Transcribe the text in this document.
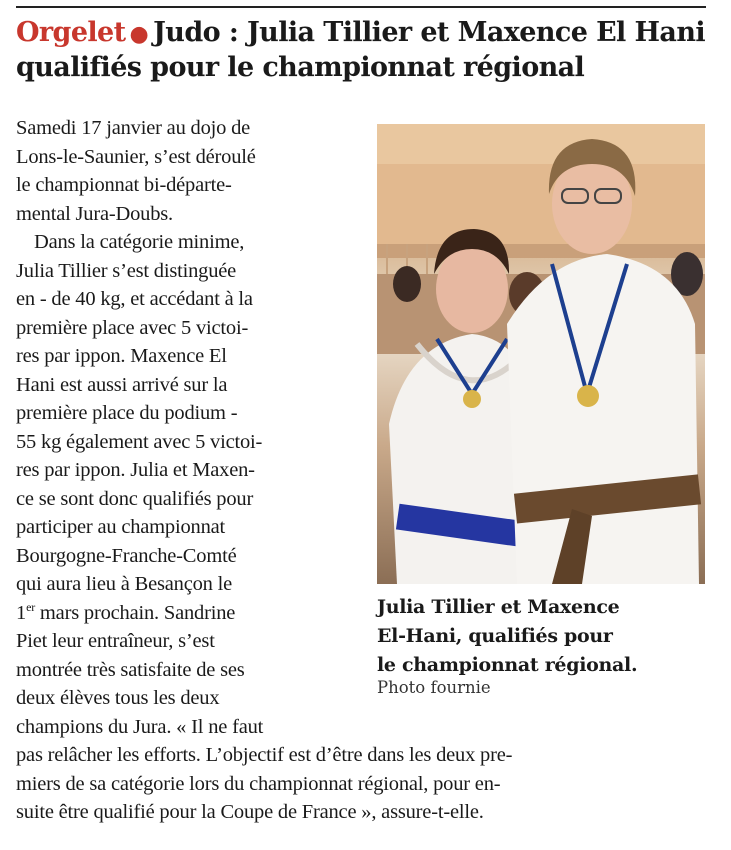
Orgelet ● Judo : Julia Tillier et Maxence El Hani
qualifiés pour le championnat régional

Samedi 17 janvier au dojo de
Lons-le-Saunier, s’est déroulé
le championnat bi-départe-
mental Jura-Doubs.

Dans la catégorie minime,
Julia Tillier s’est distinguée
en - de 40 kg, et accédant à la
première place avec 5 victoi-
res par ippon. Maxence El
Hani est aussi arrivé sur la
première place du podium -
55 kg également avec 5 victoi-
res par ippon. Julia et Maxen-
ce se sont donc qualifiés pour
participer au championnat
Bourgogne-Franche-Comté
qui aura lieu à Besançon le
1er mars prochain. Sandrine
Piet leur entraîneur, s’est
montrée très satisfaite de ses
deux élèves tous les deux
champions du Jura. « Il ne faut

pas relâcher les efforts. L’objectif est d’être dans les deux pre-
miers de sa catégorie lors du championnat régional, pour en-
suite être qualifié pour la Coupe de France », assure-t-elle.

Julia Tillier et Maxence
El-Hani, qualifiés pour
le championnat régional.
Photo fournie
